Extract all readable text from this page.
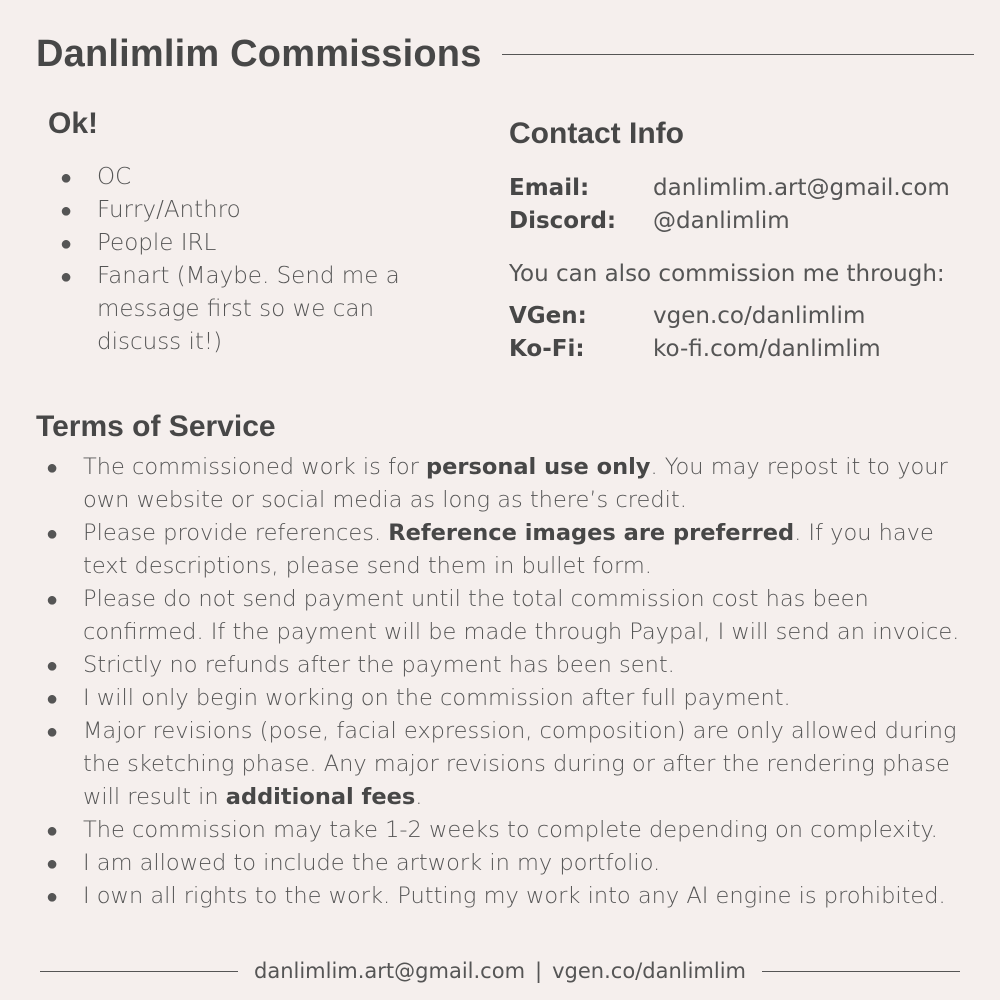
Danlimlim Commissions
Ok!
● OC
● Furry/Anthro
● People IRL
● Fanart (Maybe. Send me a message first so we can discuss it!)
Contact Info
Email:	danlimlim.art@gmail.com
Discord:	@danlimlim
You can also commission me through:
VGen:	vgen.co/danlimlim
Ko-Fi:	ko-fi.com/danlimlim
Terms of Service
● The commissioned work is for personal use only. You may repost it to your own website or social media as long as there’s credit.
● Please provide references. Reference images are preferred. If you have text descriptions, please send them in bullet form.
● Please do not send payment until the total commission cost has been confirmed. If the payment will be made through Paypal, I will send an invoice.
● Strictly no refunds after the payment has been sent.
● I will only begin working on the commission after full payment.
● Major revisions (pose, facial expression, composition) are only allowed during the sketching phase. Any major revisions during or after the rendering phase will result in additional fees.
● The commission may take 1-2 weeks to complete depending on complexity.
● I am allowed to include the artwork in my portfolio.
● I own all rights to the work. Putting my work into any AI engine is prohibited.
danlimlim.art@gmail.com | vgen.co/danlimlim
